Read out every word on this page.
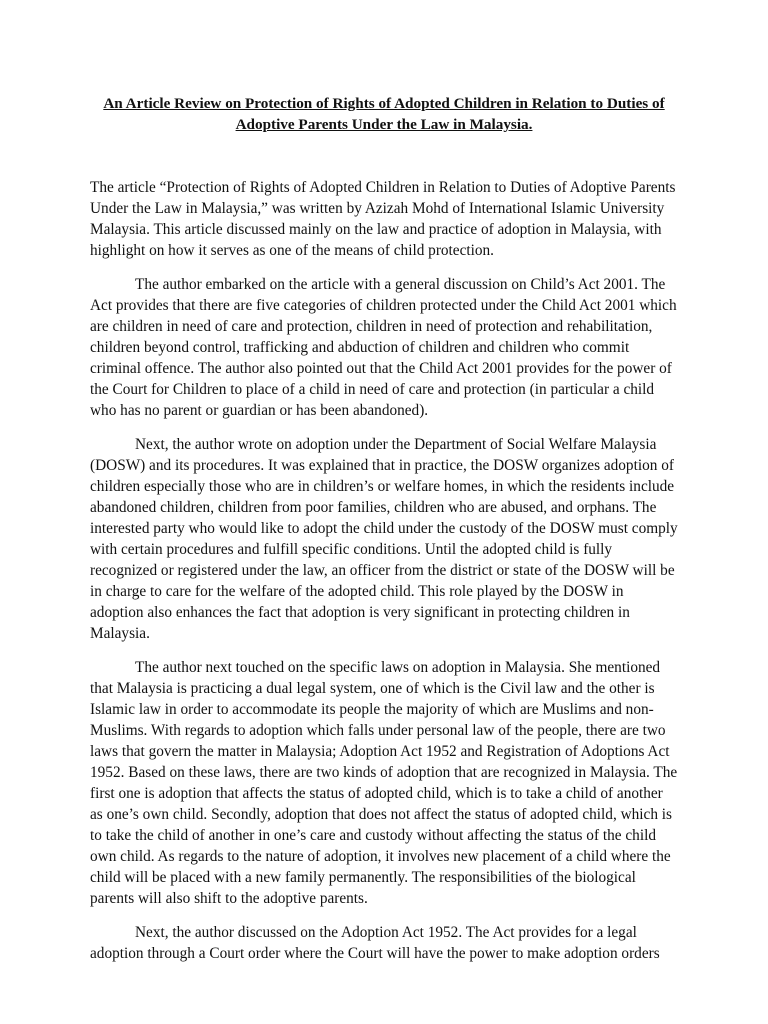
An Article Review on Protection of Rights of Adopted Children in Relation to Duties of
Adoptive Parents Under the Law in Malaysia.

The article “Protection of Rights of Adopted Children in Relation to Duties of Adoptive Parents Under the Law in Malaysia,” was written by Azizah Mohd of International Islamic University Malaysia. This article discussed mainly on the law and practice of adoption in Malaysia, with highlight on how it serves as one of the means of child protection.

The author embarked on the article with a general discussion on Child’s Act 2001. The Act provides that there are five categories of children protected under the Child Act 2001 which are children in need of care and protection, children in need of protection and rehabilitation, children beyond control, trafficking and abduction of children and children who commit criminal offence. The author also pointed out that the Child Act 2001 provides for the power of the Court for Children to place of a child in need of care and protection (in particular a child who has no parent or guardian or has been abandoned).

Next, the author wrote on adoption under the Department of Social Welfare Malaysia (DOSW) and its procedures. It was explained that in practice, the DOSW organizes adoption of children especially those who are in children’s or welfare homes, in which the residents include abandoned children, children from poor families, children who are abused, and orphans. The interested party who would like to adopt the child under the custody of the DOSW must comply with certain procedures and fulfill specific conditions. Until the adopted child is fully recognized or registered under the law, an officer from the district or state of the DOSW will be in charge to care for the welfare of the adopted child. This role played by the DOSW in adoption also enhances the fact that adoption is very significant in protecting children in Malaysia.

The author next touched on the specific laws on adoption in Malaysia. She mentioned that Malaysia is practicing a dual legal system, one of which is the Civil law and the other is Islamic law in order to accommodate its people the majority of which are Muslims and non-Muslims. With regards to adoption which falls under personal law of the people, there are two laws that govern the matter in Malaysia; Adoption Act 1952 and Registration of Adoptions Act 1952. Based on these laws, there are two kinds of adoption that are recognized in Malaysia. The first one is adoption that affects the status of adopted child, which is to take a child of another as one’s own child. Secondly, adoption that does not affect the status of adopted child, which is to take the child of another in one’s care and custody without affecting the status of the child own child. As regards to the nature of adoption, it involves new placement of a child where the child will be placed with a new family permanently. The responsibilities of the biological parents will also shift to the adoptive parents.

Next, the author discussed on the Adoption Act 1952. The Act provides for a legal adoption through a Court order where the Court will have the power to make adoption orders
